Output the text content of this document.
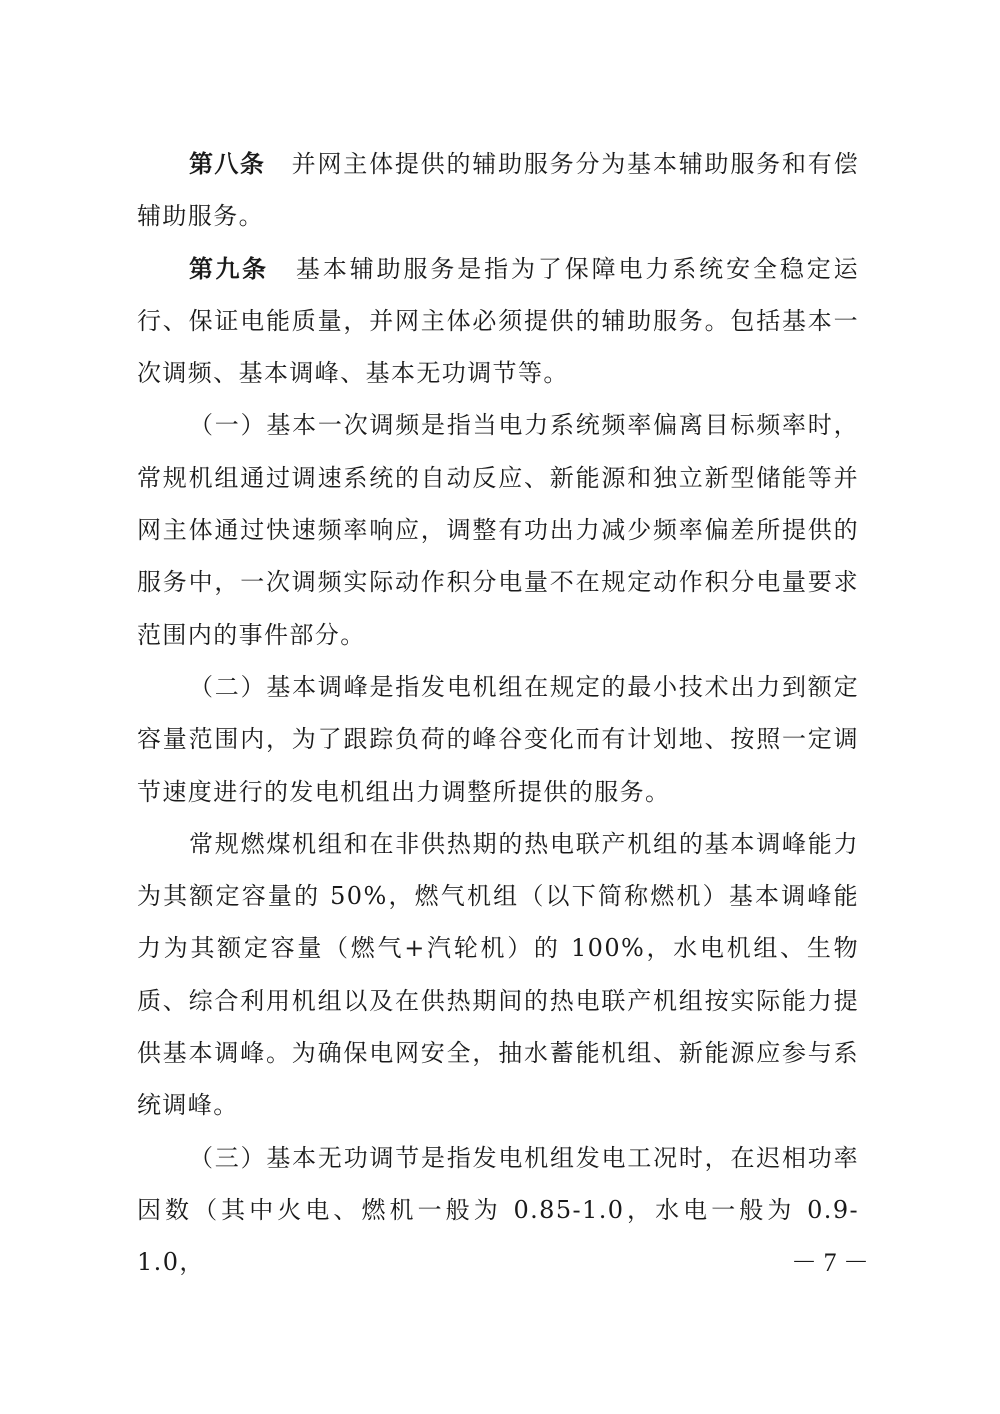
第八条 并网主体提供的辅助服务分为基本辅助服务和有偿辅助服务。

第九条 基本辅助服务是指为了保障电力系统安全稳定运行、保证电能质量，并网主体必须提供的辅助服务。包括基本一次调频、基本调峰、基本无功调节等。

（一）基本一次调频是指当电力系统频率偏离目标频率时，常规机组通过调速系统的自动反应、新能源和独立新型储能等并网主体通过快速频率响应，调整有功出力减少频率偏差所提供的服务中，一次调频实际动作积分电量不在规定动作积分电量要求范围内的事件部分。

（二）基本调峰是指发电机组在规定的最小技术出力到额定容量范围内，为了跟踪负荷的峰谷变化而有计划地、按照一定调节速度进行的发电机组出力调整所提供的服务。

常规燃煤机组和在非供热期的热电联产机组的基本调峰能力为其额定容量的 50%，燃气机组（以下简称燃机）基本调峰能力为其额定容量（燃气+汽轮机）的 100%，水电机组、生物质、综合利用机组以及在供热期间的热电联产机组按实际能力提供基本调峰。为确保电网安全，抽水蓄能机组、新能源应参与系统调峰。

（三）基本无功调节是指发电机组发电工况时，在迟相功率因数（其中火电、燃机一般为 0.85-1.0，水电一般为 0.9-1.0，	－ 7 －
